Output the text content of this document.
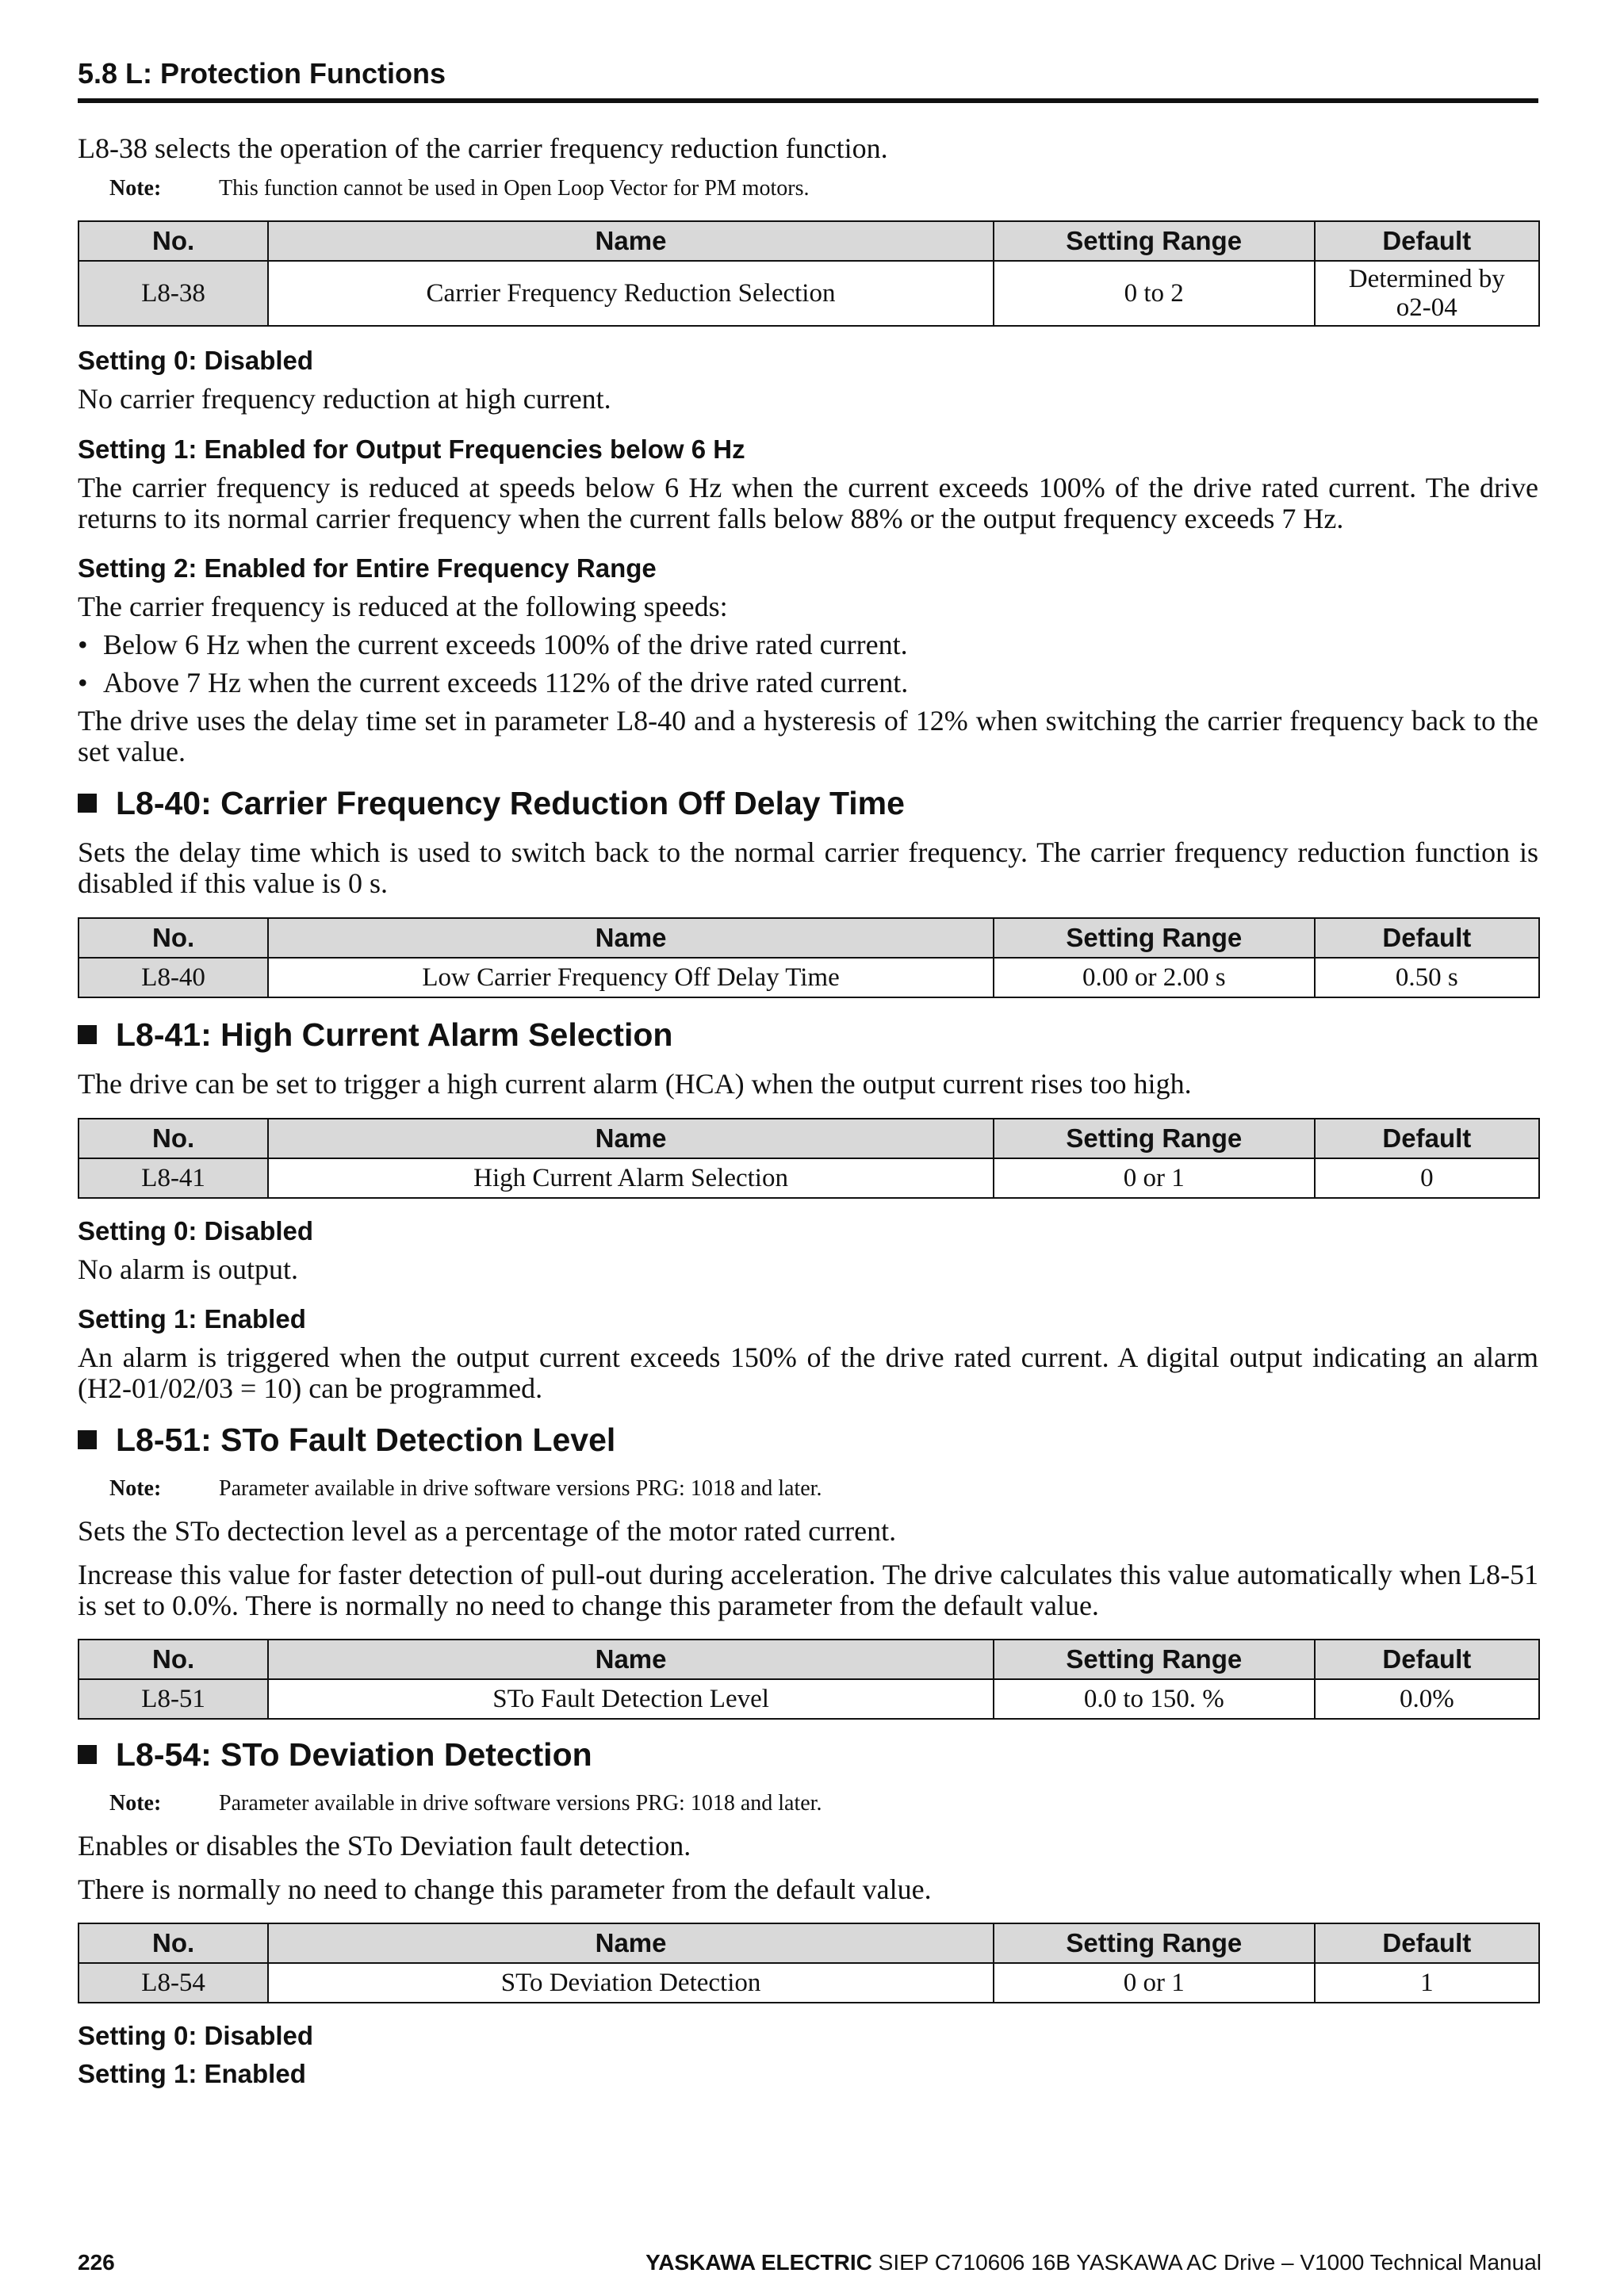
5.8 L: Protection Functions
L8-38 selects the operation of the carrier frequency reduction function.
Note:	This function cannot be used in Open Loop Vector for PM motors.
No.	Name	Setting Range	Default
L8-38	Carrier Frequency Reduction Selection	0 to 2	Determined by
o2-04
Setting 0: Disabled
No carrier frequency reduction at high current.
Setting 1: Enabled for Output Frequencies below 6 Hz
The carrier frequency is reduced at speeds below 6 Hz when the current exceeds 100% of the drive rated current. The drive returns to its normal carrier frequency when the current falls below 88% or the output frequency exceeds 7 Hz.
Setting 2: Enabled for Entire Frequency Range
The carrier frequency is reduced at the following speeds:
• Below 6 Hz when the current exceeds 100% of the drive rated current.
• Above 7 Hz when the current exceeds 112% of the drive rated current.
The drive uses the delay time set in parameter L8-40 and a hysteresis of 12% when switching the carrier frequency back to the set value.
L8-40: Carrier Frequency Reduction Off Delay Time
Sets the delay time which is used to switch back to the normal carrier frequency. The carrier frequency reduction function is disabled if this value is 0 s.
No.	Name	Setting Range	Default
L8-40	Low Carrier Frequency Off Delay Time	0.00 or 2.00 s	0.50 s
L8-41: High Current Alarm Selection
The drive can be set to trigger a high current alarm (HCA) when the output current rises too high.
No.	Name	Setting Range	Default
L8-41	High Current Alarm Selection	0 or 1	0
Setting 0: Disabled
No alarm is output.
Setting 1: Enabled
An alarm is triggered when the output current exceeds 150% of the drive rated current. A digital output indicating an alarm (H2-01/02/03 = 10) can be programmed.
L8-51: STo Fault Detection Level
Note:	Parameter available in drive software versions PRG: 1018 and later.
Sets the STo dectection level as a percentage of the motor rated current.
Increase this value for faster detection of pull-out during acceleration. The drive calculates this value automatically when L8-51 is set to 0.0%. There is normally no need to change this parameter from the default value.
No.	Name	Setting Range	Default
L8-51	STo Fault Detection Level	0.0 to 150. %	0.0%
L8-54: STo Deviation Detection
Note:	Parameter available in drive software versions PRG: 1018 and later.
Enables or disables the STo Deviation fault detection.
There is normally no need to change this parameter from the default value.
No.	Name	Setting Range	Default
L8-54	STo Deviation Detection	0 or 1	1
Setting 0: Disabled
Setting 1: Enabled
226	YASKAWA ELECTRIC SIEP C710606 16B YASKAWA AC Drive – V1000 Technical Manual
